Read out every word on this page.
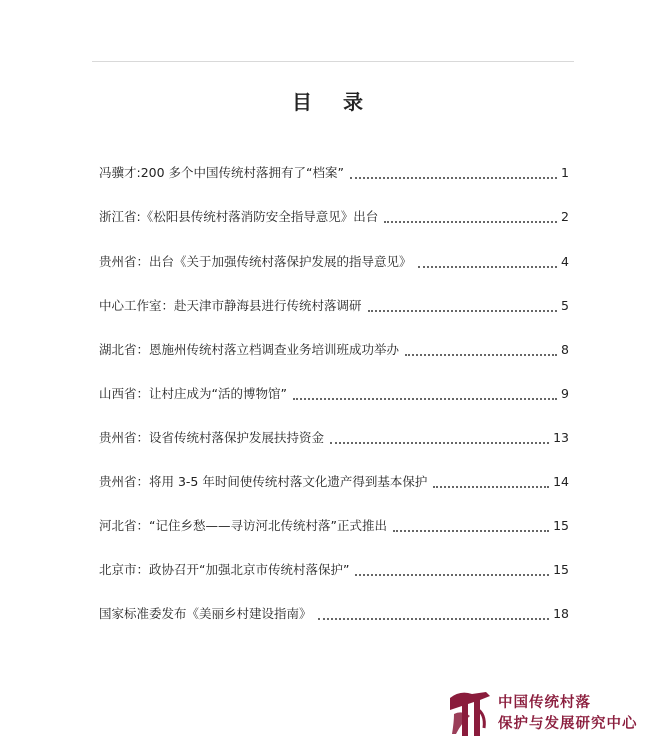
目 录
冯骥才:200 多个中国传统村落拥有了“档案”	1
浙江省:《松阳县传统村落消防安全指导意见》出台	2
贵州省：出台《关于加强传统村落保护发展的指导意见》	4
中心工作室：赴天津市静海县进行传统村落调研	5
湖北省：恩施州传统村落立档调查业务培训班成功举办	8
山西省：让村庄成为“活的博物馆”	9
贵州省：设省传统村落保护发展扶持资金	13
贵州省：将用 3-5 年时间使传统村落文化遗产得到基本保护	14
河北省：“记住乡愁——寻访河北传统村落”正式推出	15
北京市：政协召开“加强北京市传统村落保护”	15
国家标准委发布《美丽乡村建设指南》	18
中国传统村落
保护与发展研究中心
